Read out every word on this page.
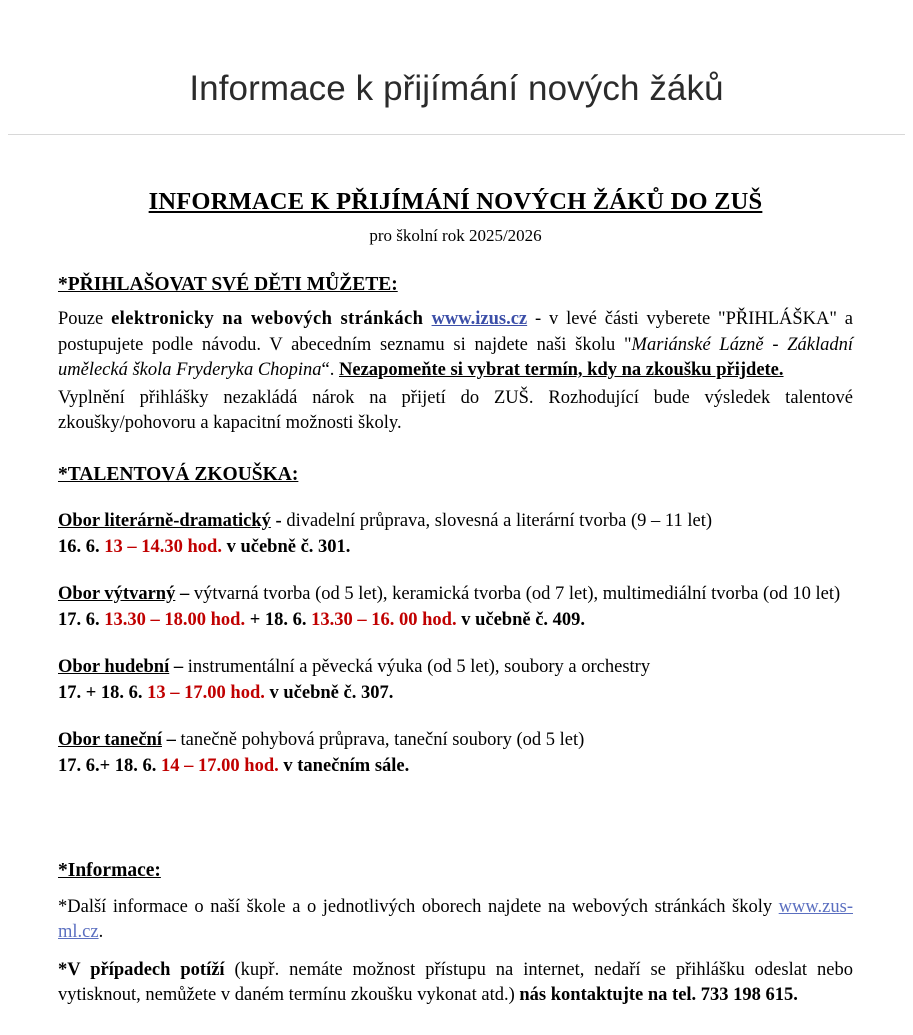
Informace k přijímání nových žáků
INFORMACE K PŘIJÍMÁNÍ NOVÝCH ŽÁKŮ DO ZUŠ
pro školní rok 2025/2026
*PŘIHLAŠOVAT SVÉ DĚTI MŮŽETE:

Pouze elektronicky na webových stránkách www.izus.cz - v levé části vyberete "PŘIHLÁŠKA" a postupujete podle návodu. V abecedním seznamu si najdete naši školu "Mariánské Lázně - Základní umělecká škola Fryderyka Chopina“. Nezapomeňte si vybrat termín, kdy na zkoušku přijdete.

Vyplnění přihlášky nezakládá nárok na přijetí do ZUŠ. Rozhodující bude výsledek talentové zkoušky/pohovoru a kapacitní možnosti školy.

*TALENTOVÁ ZKOUŠKA:
Obor literárně-dramatický - divadelní průprava, slovesná a literární tvorba (9 – 11 let)
16. 6. 13 – 14.30 hod. v učebně č. 301.
Obor výtvarný – výtvarná tvorba (od 5 let), keramická tvorba (od 7 let), multimediální tvorba (od 10 let)
17. 6. 13.30 – 18.00 hod. + 18. 6. 13.30 – 16. 00 hod. v učebně č. 409.
Obor hudební – instrumentální a pěvecká výuka (od 5 let), soubory a orchestry
17. + 18. 6. 13 – 17.00 hod. v učebně č. 307.
Obor taneční – tanečně pohybová průprava, taneční soubory (od 5 let)
17. 6.+ 18. 6. 14 – 17.00 hod. v tanečním sále.
*Informace:

*Další informace o naší škole a o jednotlivých oborech najdete na webových stránkách školy www.zus-ml.cz.

*V případech potíží (kupř. nemáte možnost přístupu na internet, nedaří se přihlášku odeslat nebo vytisknout, nemůžete v daném termínu zkoušku vykonat atd.) nás kontaktujte na tel. 733 198 615.
